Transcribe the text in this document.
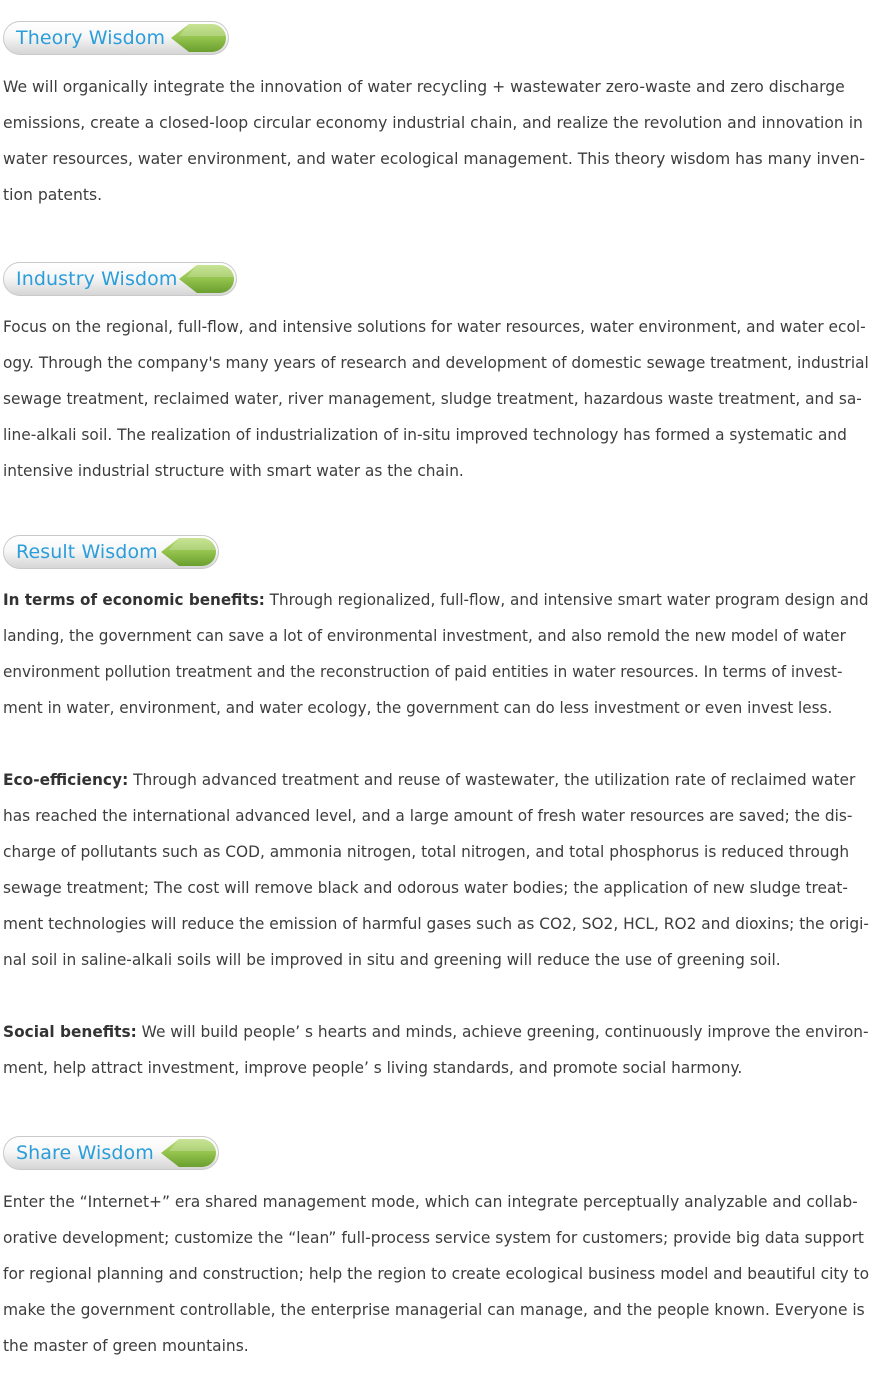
Theory Wisdom

We will organically integrate the innovation of water recycling + wastewater zero-waste and zero discharge
emissions, create a closed-loop circular economy industrial chain, and realize the revolution and innovation in
water resources, water environment, and water ecological management. This theory wisdom has many inven-
tion patents.

Industry Wisdom

Focus on the regional, full-flow, and intensive solutions for water resources, water environment, and water ecol- ogy. Through the company's many years of research and development of domestic sewage treatment, industrial sewage treatment, reclaimed water, river management, sludge treatment, hazardous waste treatment, and sa- line-alkali soil. The realization of industrialization of in-situ improved technology has formed a systematic and intensive industrial structure with smart water as the chain.

Result Wisdom

In terms of economic benefits: Through regionalized, full-flow, and intensive smart water program design and landing, the government can save a lot of environmental investment, and also remold the new model of water environment pollution treatment and the reconstruction of paid entities in water resources. In terms of invest- ment in water, environment, and water ecology, the government can do less investment or even invest less.

Eco-efficiency: Through advanced treatment and reuse of wastewater, the utilization rate of reclaimed water has reached the international advanced level, and a large amount of fresh water resources are saved; the dis- charge of pollutants such as COD, ammonia nitrogen, total nitrogen, and total phosphorus is reduced through sewage treatment; The cost will remove black and odorous water bodies; the application of new sludge treat- ment technologies will reduce the emission of harmful gases such as CO2, SO2, HCL, RO2 and dioxins; the origi- nal soil in saline-alkali soils will be improved in situ and greening will reduce the use of greening soil.

Social benefits: We will build people’ s hearts and minds, achieve greening, continuously improve the environ- ment, help attract investment, improve people’ s living standards, and promote social harmony.

Share Wisdom

Enter the “Internet+” era shared management mode, which can integrate perceptually analyzable and collab- orative development; customize the “lean” full-process service system for customers; provide big data support for regional planning and construction; help the region to create ecological business model and beautiful city to make the government controllable, the enterprise managerial can manage, and the people known. Everyone is the master of green mountains.
